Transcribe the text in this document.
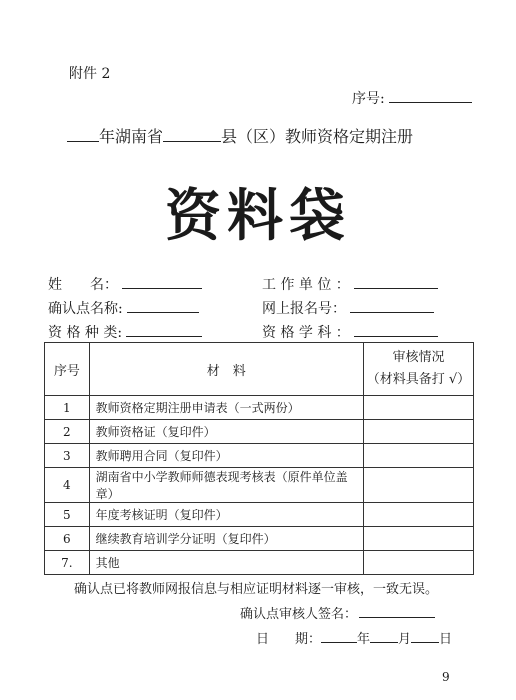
附件 2
序号:
年湖南省	县（区）教师资格定期注册
资料袋
姓　　名：	工 作 单 位 ：
确认点名称:	网上报名号：
资 格 种 类:	资 格 学 科 ：
序号	材　料	审核情况
（材料具备打 √）

1	教师资格定期注册申请表（一式两份）	
2	教师资格证（复印件）	
3	教师聘用合同（复印件）	
4	湖南省中小学教师师德表现考核表（原件单位盖章）	
5	年度考核证明（复印件）	
6	继续教育培训学分证明（复印件）	
7.	其他	
确认点已将教师网报信息与相应证明材料逐一审核，一致无误。
确认点审核人签名：
日　　期：	年 月 日
9
